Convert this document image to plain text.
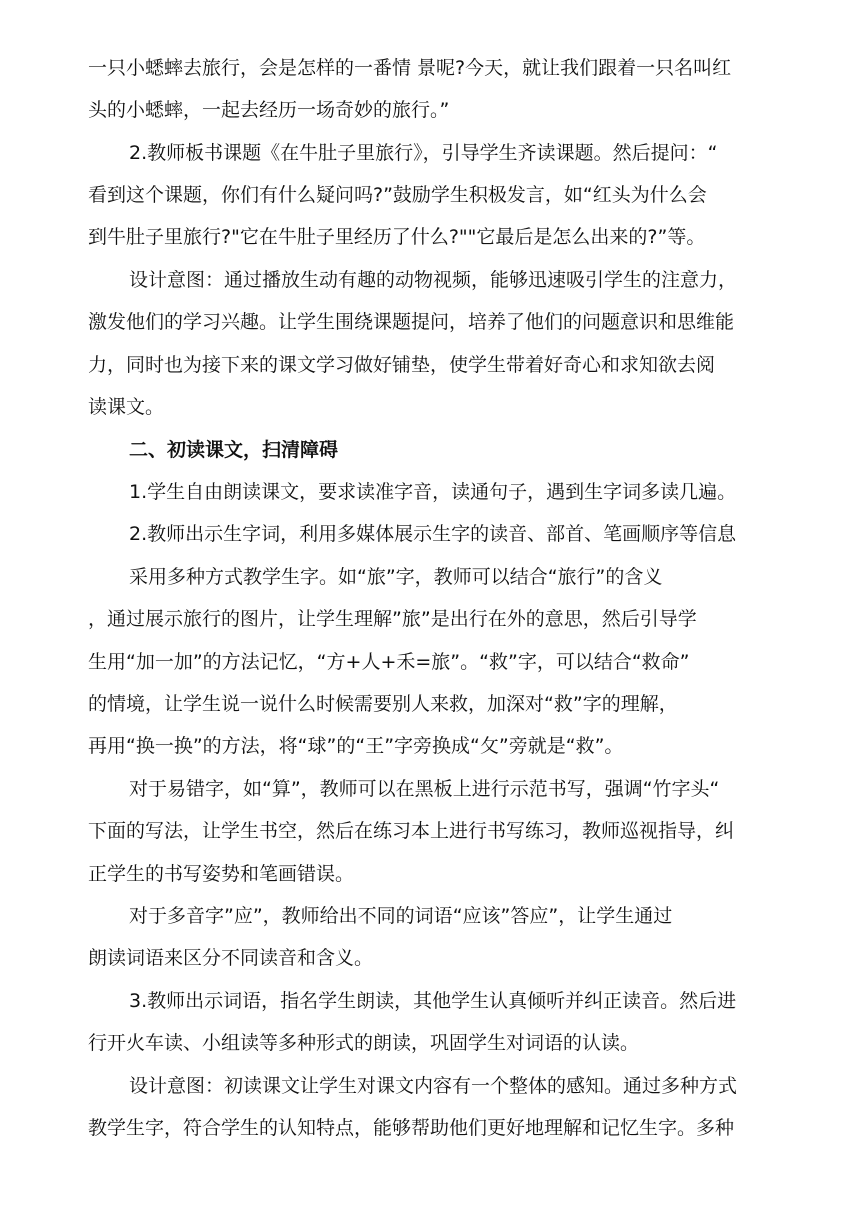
一只小蟋蟀去旅行，会是怎样的一番情 景呢?今天，就让我们跟着一只名叫红
头的小蟋蟀，一起去经历一场奇妙的旅行。”
2.教师板书课题《在牛肚子里旅行》，引导学生齐读课题。然后提问：“
看到这个课题，你们有什么疑问吗?”鼓励学生积极发言，如“红头为什么会
到牛肚子里旅行?"它在牛肚子里经历了什么?""它最后是怎么出来的?”等。
设计意图：通过播放生动有趣的动物视频，能够迅速吸引学生的注意力，
激发他们的学习兴趣。让学生围绕课题提问，培养了他们的问题意识和思维能
力，同时也为接下来的课文学习做好铺垫，使学生带着好奇心和求知欲去阅
读课文。
二、初读课文，扫清障碍
1.学生自由朗读课文，要求读准字音，读通句子，遇到生字词多读几遍。
2.教师出示生字词，利用多媒体展示生字的读音、部首、笔画顺序等信息
采用多种方式教学生字。如“旅”字，教师可以结合“旅行”的含义
，通过展示旅行的图片，让学生理解”旅”是出行在外的意思，然后引导学
生用“加一加”的方法记忆，“方+人+禾=旅”。“救”字，可以结合“救命”
的情境，让学生说一说什么时候需要别人来救，加深对“救”字的理解，
再用“换一换”的方法，将“球”的“王”字旁换成“攵”旁就是“救”。
对于易错字，如“算”，教师可以在黑板上进行示范书写，强调“竹字头“
下面的写法，让学生书空，然后在练习本上进行书写练习，教师巡视指导，纠
正学生的书写姿势和笔画错误。
对于多音字”应”，教师给出不同的词语“应该”答应”，让学生通过
朗读词语来区分不同读音和含义。
3.教师出示词语，指名学生朗读，其他学生认真倾听并纠正读音。然后进
行开火车读、小组读等多种形式的朗读，巩固学生对词语的认读。
设计意图：初读课文让学生对课文内容有一个整体的感知。通过多种方式
教学生字，符合学生的认知特点，能够帮助他们更好地理解和记忆生字。多种
